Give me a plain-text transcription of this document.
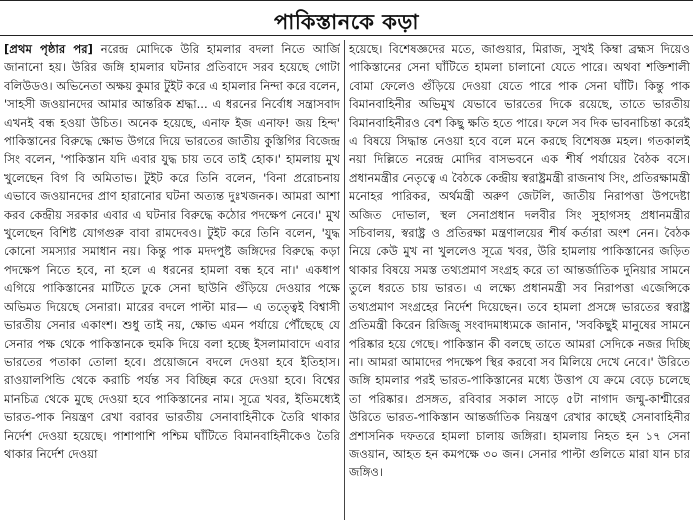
পাকিস্তানকে কড়া

[প্রথম পৃষ্ঠার পর] নরেন্দ্র মোদিকে উরি হামলার বদলা নিতে আর্জি জানানো হয়। উরির জঙ্গি হামলার ঘটনার প্রতিবাদে সরব হয়েছে গোটা বলিউডও। অভিনেতা অক্ষয় কুমার টুইট করে এ হামলার নিন্দা করে বলেন, 'সাহসী জওয়ানদের আমার আন্তরিক শ্রদ্ধা... এ ধরনের নির্বোধ সন্ত্রাসবাদ এখনই বন্ধ হওয়া উচিত। অনেক হয়েছে, এনাফ ইজ এনাফ! জয় হিন্দ' পাকিস্তানের বিরুদ্ধে ক্ষোভ উগরে দিয়ে ভারতের জাতীয় কুস্তিগির বিজেন্দ্র সিং বলেন, 'পাকিস্তান যদি এবার যুদ্ধ চায় তবে তাই হোক।' হামলায় মুখ খুলেছেন বিগ বি অমিতাভ। টুইট করে তিনি বলেন, 'বিনা প্ররোচনায় এভাবে জওয়ানদের প্রাণ হারানোর ঘটনা অত্যন্ত দুঃখজনক। আমরা আশা করব কেন্দ্রীয় সরকার এবার এ ঘটনার বিরুদ্ধে কঠোর পদক্ষেপ নেবে।' মুখ খুলেছেন বিশিষ্ট যোগগুরু বাবা রামদেবও। টুইট করে তিনি বলেন, 'যুদ্ধ কোনো সমস্যার সমাধান নয়। কিন্তু পাক মদদপুষ্ট জঙ্গিদের বিরুদ্ধে কড়া পদক্ষেপ নিতে হবে, না হলে এ ধরনের হামলা বন্ধ হবে না।' একধাপ এগিয়ে পাকিস্তানের মাটিতে ঢুকে সেনা ছাউনি গুঁড়িয়ে দেওয়ার পক্ষে অভিমত দিয়েছে সেনারা। মারের বদলে পাল্টা মার— এ তত্ত্বেই বিশ্বাসী ভারতীয় সেনার একাংশ। শুধু তাই নয়, ক্ষোভ এমন পর্যায়ে পৌঁছেছে যে সেনার পক্ষ থেকে পাকিস্তানকে হুমকি দিয়ে বলা হচ্ছে ইসলামাবাদে এবার ভারতের পতাকা তোলা হবে। প্রয়োজনে বদলে দেওয়া হবে ইতিহাস। রাওয়ালপিন্ডি থেকে করাচি পর্যন্ত সব বিচ্ছিন্ন করে দেওয়া হবে। বিশ্বের মানচিত্র থেকে মুছে দেওয়া হবে পাকিস্তানের নাম। সূত্রে খবর, ইতিমধ্যেই ভারত-পাক নিয়ন্ত্রণ রেখা বরাবর ভারতীয় সেনাবাহিনীকে তৈরি থাকার নির্দেশ দেওয়া হয়েছে। পাশাপাশি পশ্চিম ঘাঁটিতে বিমানবাহিনীকেও তৈরি থাকার নির্দেশ দেওয়া

হয়েছে। বিশেষজ্ঞদের মতে, জাগুয়ার, মিরাজ, সুখই কিম্বা ব্রহ্মস দিয়েও পাকিস্তানের সেনা ঘাঁটিতে হামলা চালানো যেতে পারে। অথবা শক্তিশালী বোমা ফেলেও গুঁড়িয়ে দেওয়া যেতে পারে পাক সেনা ঘাঁটি। কিন্তু পাক বিমানবাহিনীর অভিমুখ যেভাবে ভারতের দিকে রয়েছে, তাতে ভারতীয় বিমানবাহিনীরও বেশ কিছু ক্ষতি হতে পারে। ফলে সব দিক ভাবনাচিন্তা করেই এ বিষয়ে সিদ্ধান্ত নেওয়া হবে বলে মনে করছে বিশেষজ্ঞ মহল। গতকালই নয়া দিল্লিতে নরেন্দ্র মোদির বাসভবনে এক শীর্ষ পর্যায়ের বৈঠক বসে। প্রধানমন্ত্রীর নেতৃত্বে এ বৈঠকে কেন্দ্রীয় স্বরাষ্ট্রমন্ত্রী রাজনাথ সিং, প্রতিরক্ষামন্ত্রী মনোহর পারিকর, অর্থমন্ত্রী অরুণ জেটলি, জাতীয় নিরাপত্তা উপদেষ্টা অজিত দোভাল, স্থল সেনাপ্রধান দলবীর সিং সুহাগসহ প্রধানমন্ত্রীর সচিবালয়, স্বরাষ্ট্র ও প্রতিরক্ষা মন্ত্রণালয়ের শীর্ষ কর্তারা অংশ নেন। বৈঠক নিয়ে কেউ মুখ না খুললেও সূত্রে খবর, উরি হামলায় পাকিস্তানের জড়িত থাকার বিষয়ে সমস্ত তথ্যপ্রমাণ সংগ্রহ করে তা আন্তর্জাতিক দুনিয়ার সামনে তুলে ধরতে চায় ভারত। এ লক্ষ্যে প্রধানমন্ত্রী সব নিরাপত্তা এজেন্সিকে তথ্যপ্রমাণ সংগ্রহের নির্দেশ দিয়েছেন। তবে হামলা প্রসঙ্গে ভারতের স্বরাষ্ট্র প্রতিমন্ত্রী কিরেন রিজিজু সংবাদমাধ্যমকে জানান, 'সবকিছুই মানুষের সামনে পরিষ্কার হয়ে গেছে। পাকিস্তান কী বলছে তাতে আমরা সেদিকে নজর দিচ্ছি না। আমরা আমাদের পদক্ষেপ স্থির করবো সব মিলিয়ে দেখে নেবে।' উরিতে জঙ্গি হামলার পরই ভারত-পাকিস্তানের মধ্যে উত্তাপ যে ক্রমে বেড়ে চলেছে তা পরিষ্কার। প্রসঙ্গত, রবিবার সকাল সাড়ে ৫টা নাগাদ জম্মু-কাশ্মীরের উরিতে ভারত-পাকিস্তান আন্তর্জাতিক নিয়ন্ত্রণ রেখার কাছেই সেনাবাহিনীর প্রশাসনিক দফতরে হামলা চালায় জঙ্গিরা। হামলায় নিহত হন ১৭ সেনা জওয়ান, আহত হন কমপক্ষে ৩০ জন। সেনার পাল্টা গুলিতে মারা যান চার জঙ্গিও।
